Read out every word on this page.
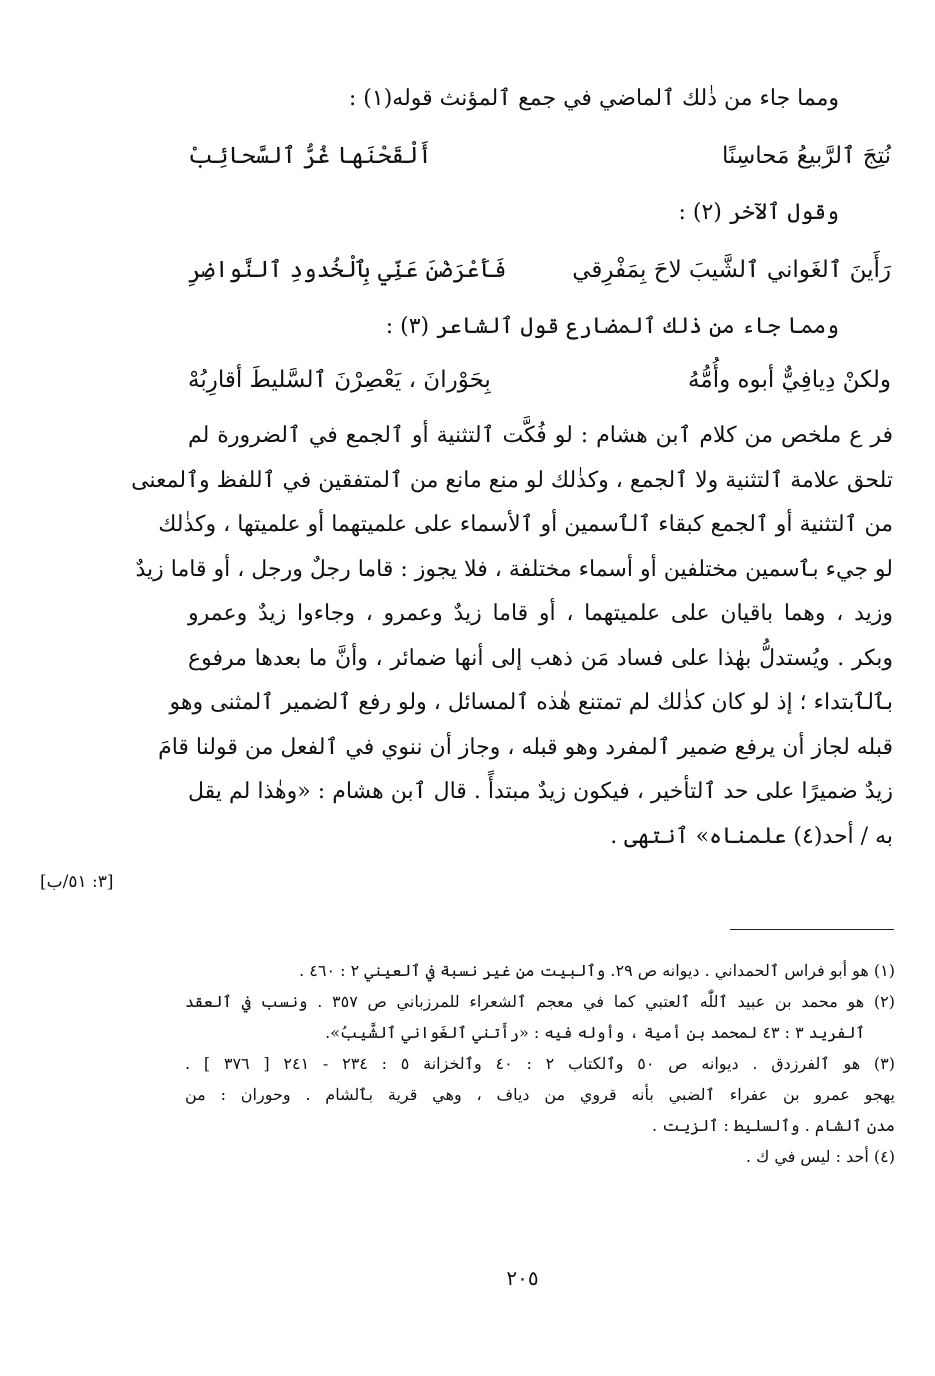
ومما جاء من ذٰلك ٱلماضي في جمع ٱلمؤنث قوله(١) :
نُتِجَ ٱلرَّبيعُ مَحاسِنًا
أَلْقَحْنَها غُرُّ ٱلسَّحائِبْ
وقول ٱلآخر (٢) :
رَأَينَ ٱلغَواني ٱلشَّيبَ لاحَ بِمَفْرِقي
فَأَعْرَضْنَ عَنِّي بِٱلْخُدودِ ٱلنَّواضِرِ
ومما جاء من ذٰلك ٱلمضارع قول ٱلشاعر (٣) :
ولكنْ دِيافِيٌّ أبوه وأُمُّهُ
بِحَوْرانَ ، يَعْصِرْنَ ٱلسَّليطَ أقارِبُهْ
فر ع ملخص من كلام ٱبن هشام : لو فُكَّت ٱلتثنية أو ٱلجمع في ٱلضرورة لم
تلحق علامة ٱلتثنية ولا ٱلجمع ، وكذٰلك لو منع مانع من ٱلمتفقين في ٱللفظ وٱلمعنى
من ٱلتثنية أو ٱلجمع كبقاء ٱلٱسمين أو ٱلأسماء على علميتهما أو علميتها ، وكذٰلك
لو جيء بٱسمين مختلفين أو أسماء مختلفة ، فلا يجوز : قاما رجلٌ ورجل ، أو قاما زيدٌ
وزيد ، وهما باقيان على علميتهما ، أو قاما زيدٌ وعمرو ، وجاءوا زيدٌ وعمرو
وبكر . ويُستدلُّ بهٰذا على فساد مَن ذهب إلى أنها ضمائر ، وأنَّ ما بعدها مرفوع
بٱلٱبتداء ؛ إذ لو كان كذٰلك لم تمتنع هٰذه ٱلمسائل ، ولو رفع ٱلضمير ٱلمثنى وهو
قبله لجاز أن يرفع ضمير ٱلمفرد وهو قبله ، وجاز أن ننوي في ٱلفعل من قولنا قامَ
زيدٌ ضميرًا على حد ٱلتأخير ، فيكون زيدٌ مبتدأً . قال ٱبن هشام : «وهٰذا لم يقل
به / أحد(٤) علمناه» ٱنتهى .
[٣: ٥١/ب]
(١) هو أبو فراس ٱلحمداني . ديوانه ص ٢٩. وٱلبيت من غير نسبة في ٱلعيني ٢ : ٤٦٠ .
(٢) هو محمد بن عبيد ٱللّٰه ٱلعتبي كما في معجم ٱلشعراء للمرزباني ص ٣٥٧ . ونسب في ٱلعقد
ٱلفريد ٣ : ٤٣ لمحمد بن أمية ، وأوله فيه : «رأَتني ٱلغَواني ٱلشَّيبُ».
(٣) هو ٱلفرزدق . ديوانه ص ٥٠ وٱلكتاب ٢ : ٤٠ وٱلخزانة ٥ : ٢٣٤ - ٢٤١ [ ٣٧٦ ] .
يهجو عمرو بن عفراء ٱلضبي بأنه قروي من دياف ، وهي قرية بٱلشام . وحوران : من
مدن ٱلشام . وٱلسليط : ٱلزيت .
(٤) أحد : ليس في ك .
٢٠٥
